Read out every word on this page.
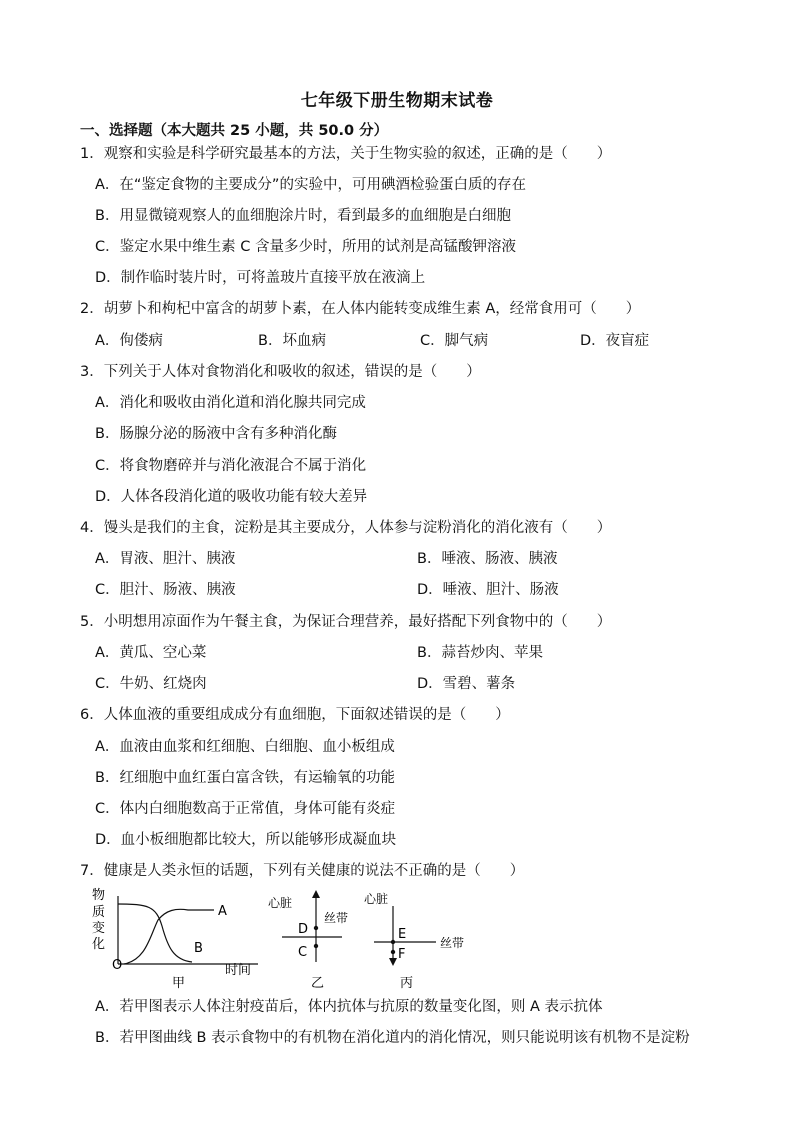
七年级下册生物期末试卷
一、选择题（本大题共 25 小题，共 50.0 分）
1．观察和实验是科学研究最基本的方法，关于生物实验的叙述，正确的是（　　）
A．在“鉴定食物的主要成分”的实验中，可用碘酒检验蛋白质的存在
B．用显微镜观察人的血细胞涂片时，看到最多的血细胞是白细胞
C．鉴定水果中维生素 C 含量多少时，所用的试剂是高锰酸钾溶液
D．制作临时装片时，可将盖玻片直接平放在液滴上
2．胡萝卜和枸杞中富含的胡萝卜素，在人体内能转变成维生素 A，经常食用可（　　）
A．佝偻病	B．坏血病	C．脚气病	D．夜盲症
3．下列关于人体对食物消化和吸收的叙述，错误的是（　　）
A．消化和吸收由消化道和消化腺共同完成
B．肠腺分泌的肠液中含有多种消化酶
C．将食物磨碎并与消化液混合不属于消化
D．人体各段消化道的吸收功能有较大差异
4．馒头是我们的主食，淀粉是其主要成分，人体参与淀粉消化的消化液有（　　）
A．胃液、胆汁、胰液	B．唾液、肠液、胰液
C．胆汁、肠液、胰液	D．唾液、胆汁、肠液
5．小明想用凉面作为午餐主食，为保证合理营养，最好搭配下列食物中的（　　）
A．黄瓜、空心菜	B．蒜苔炒肉、苹果
C．牛奶、红烧肉	D．雪碧、薯条
6．人体血液的重要组成成分有血细胞，下面叙述错误的是（　　）
A．血液由血浆和红细胞、白细胞、血小板组成
B．红细胞中血红蛋白富含铁，有运输氧的功能
C．体内白细胞数高于正常值，身体可能有炎症
D．血小板细胞都比较大，所以能够形成凝血块
7．健康是人类永恒的话题，下列有关健康的说法不正确的是（　　）
物
质
变
化
A
B
O	时间
甲
心脏
D
C
丝带
乙
心脏
E
F
丝带
丙
A．若甲图表示人体注射疫苗后，体内抗体与抗原的数量变化图，则 A 表示抗体
B．若甲图曲线 B 表示食物中的有机物在消化道内的消化情况，则只能说明该有机物不是淀粉
